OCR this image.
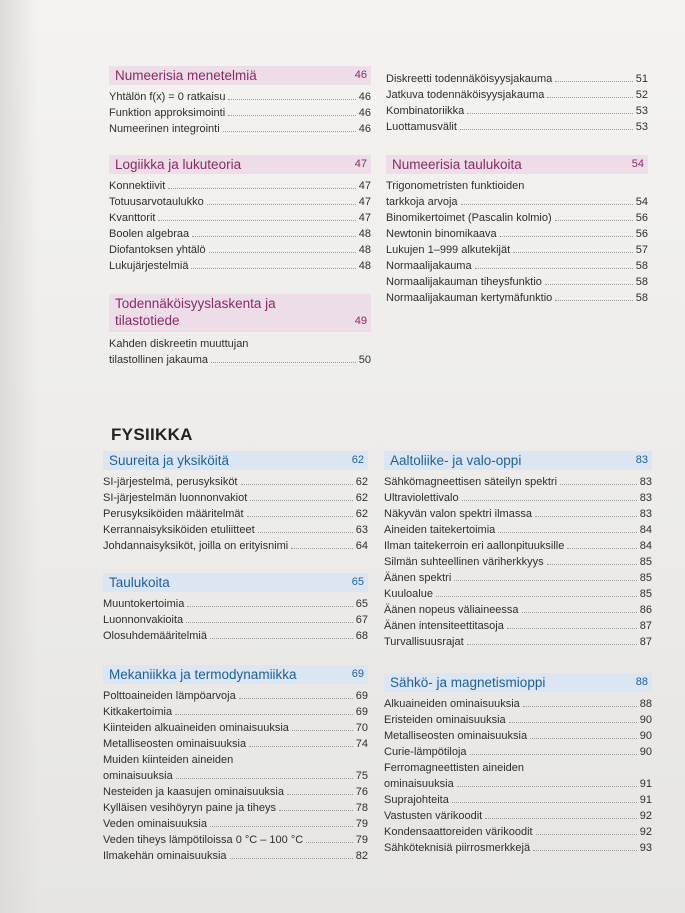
Numeerisia menetelmiä	46
Yhtälön f(x) = 0 ratkaisu	46
Funktion approksimointi	46
Numeerinen integrointi	46
Logiikka ja lukuteoria	47
Konnektiivit	47
Totuusarvotaulukko	47
Kvanttorit	47
Boolen algebraa	48
Diofantoksen yhtälö	48
Lukujärjestelmiä	48
Todennäköisyyslaskenta ja
tilastotiede	49
Kahden diskreetin muuttujan
tilastollinen jakauma	50
Diskreetti todennäköisyysjakauma	51
Jatkuva todennäköisyysjakauma	52
Kombinatoriikka	53
Luottamusvälit	53
Numeerisia taulukoita	54
Trigonometristen funktioiden
tarkkoja arvoja	54
Binomikertoimet (Pascalin kolmio)	56
Newtonin binomikaava	56
Lukujen 1–999 alkutekijät	57
Normaalijakauma	58
Normaalijakauman tiheysfunktio	58
Normaalijakauman kertymäfunktio	58
FYSIIKKA
Suureita ja yksiköitä	62
SI-järjestelmä, perusyksiköt	62
SI-järjestelmän luonnonvakiot	62
Perusyksiköiden määritelmät	62
Kerrannaisyksiköiden etuliitteet	63
Johdannaisyksiköt, joilla on erityisnimi	64
Taulukoita	65
Muuntokertoimia	65
Luonnonvakioita	67
Olosuhdemääritelmiä	68
Mekaniikka ja termodynamiikka	69
Polttoaineiden lämpöarvoja	69
Kitkakertoimia	69
Kiinteiden alkuaineiden ominaisuuksia	70
Metalliseosten ominaisuuksia	74
Muiden kiinteiden aineiden
ominaisuuksia	75
Nesteiden ja kaasujen ominaisuuksia	76
Kylläisen vesihöyryn paine ja tiheys	78
Veden ominaisuuksia	79
Veden tiheys lämpötiloissa 0 °C – 100 °C	79
Ilmakehän ominaisuuksia	82
Aaltoliike- ja valo-oppi	83
Sähkömagneettisen säteilyn spektri	83
Ultraviolettivalo	83
Näkyvän valon spektri ilmassa	83
Aineiden taitekertoimia	84
Ilman taitekerroin eri aallonpituuksille	84
Silmän suhteellinen väriherkkyys	85
Äänen spektri	85
Kuuloalue	85
Äänen nopeus väliaineessa	86
Äänen intensiteettitasoja	87
Turvallisuusrajat	87
Sähkö- ja magnetismioppi	88
Alkuaineiden ominaisuuksia	88
Eristeiden ominaisuuksia	90
Metalliseosten ominaisuuksia	90
Curie-lämpötiloja	90
Ferromagneettisten aineiden
ominaisuuksia	91
Suprajohteita	91
Vastusten värikoodit	92
Kondensaattoreiden värikoodit	92
Sähköteknisiä piirrosmerkkejä	93
